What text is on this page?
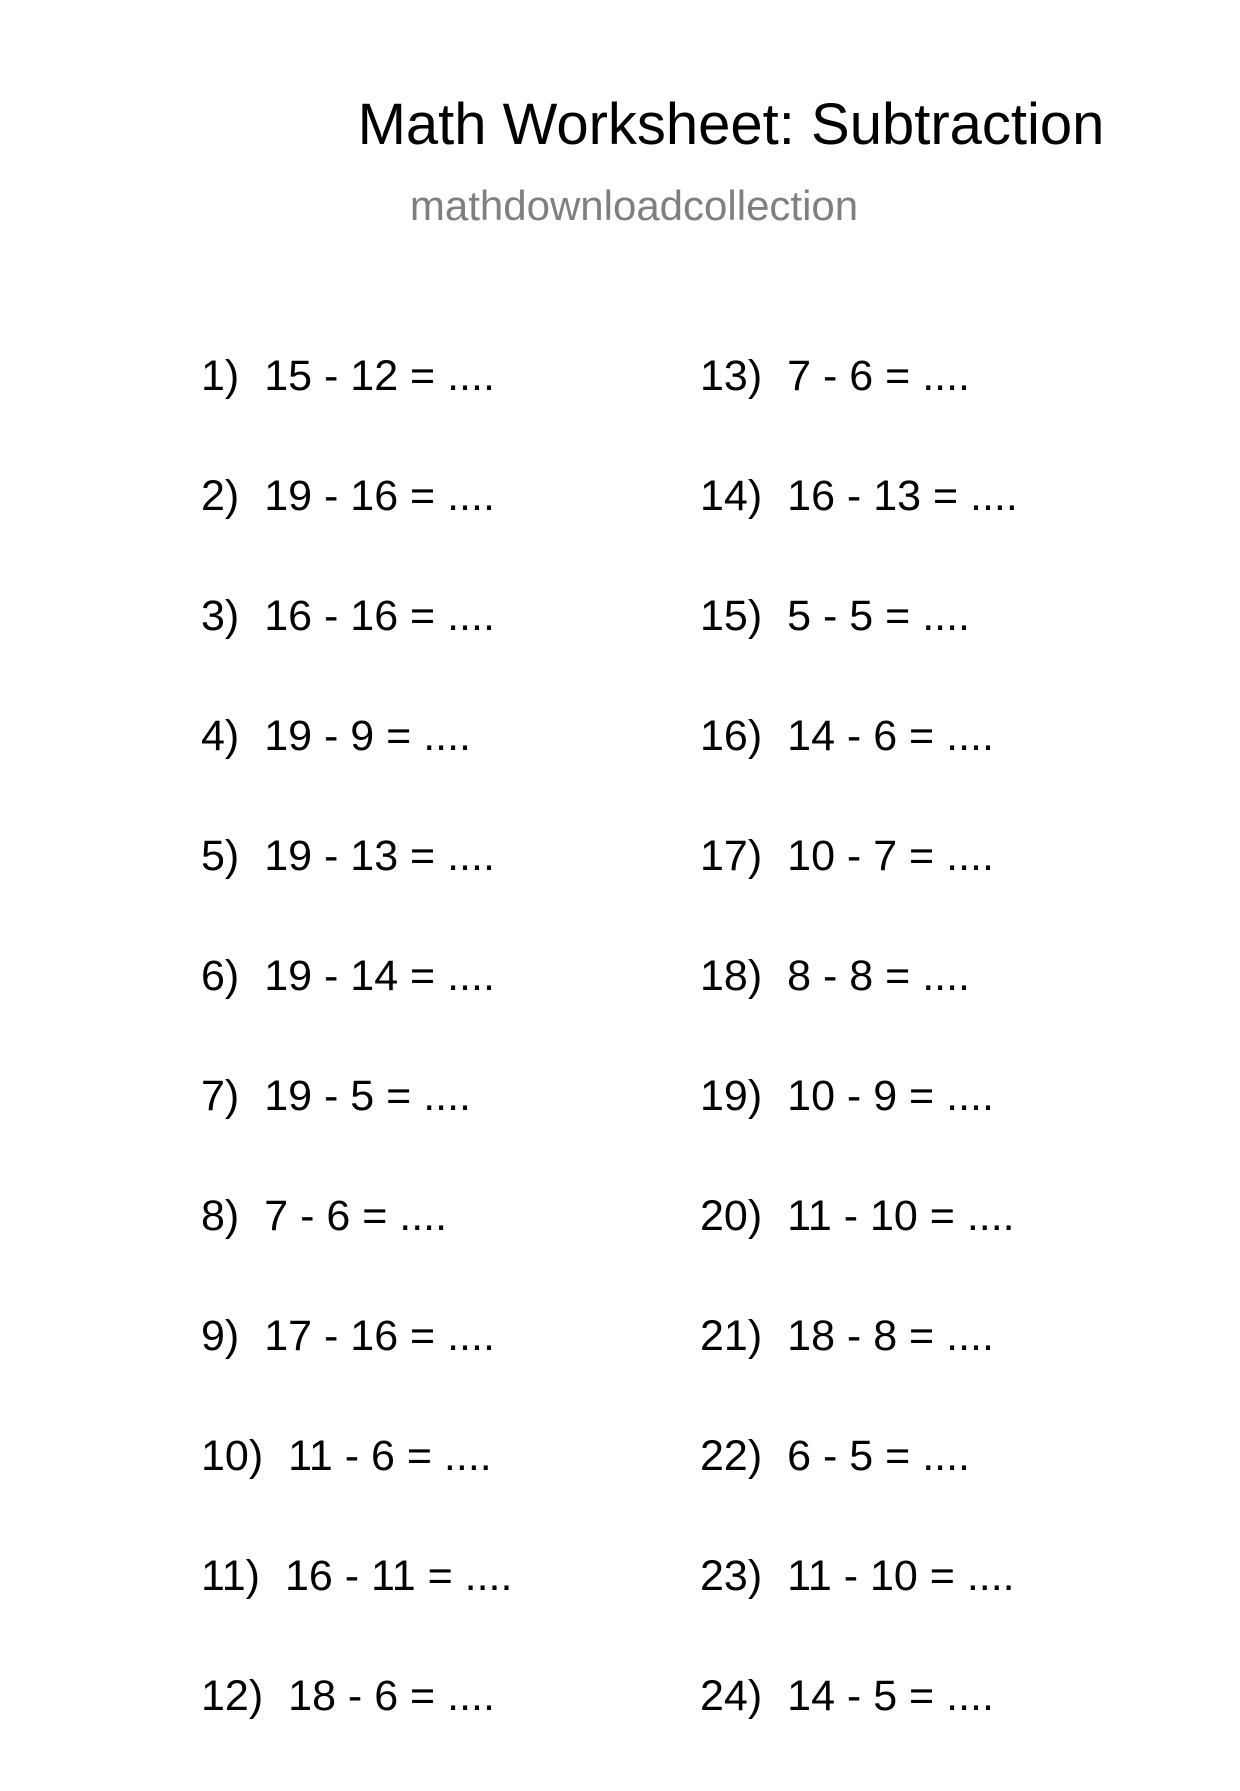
Math Worksheet: Subtraction
mathdownloadcollection
1) 15 - 12 = ....
2) 19 - 16 = ....
3) 16 - 16 = ....
4) 19 - 9 = ....
5) 19 - 13 = ....
6) 19 - 14 = ....
7) 19 - 5 = ....
8) 7 - 6 = ....
9) 17 - 16 = ....
10) 11 - 6 = ....
11) 16 - 11 = ....
12) 18 - 6 = ....
13) 7 - 6 = ....
14) 16 - 13 = ....
15) 5 - 5 = ....
16) 14 - 6 = ....
17) 10 - 7 = ....
18) 8 - 8 = ....
19) 10 - 9 = ....
20) 11 - 10 = ....
21) 18 - 8 = ....
22) 6 - 5 = ....
23) 11 - 10 = ....
24) 14 - 5 = ....
